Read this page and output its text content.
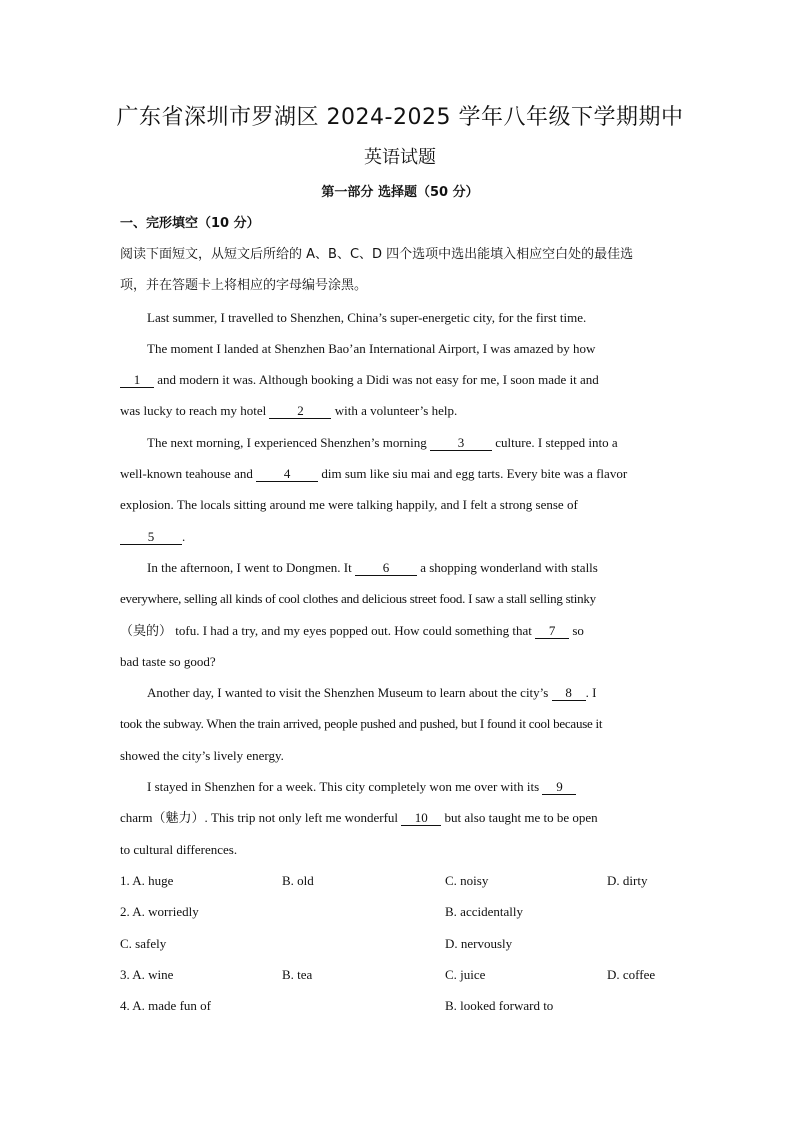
广东省深圳市罗湖区 2024-2025 学年八年级下学期期中
英语试题
第一部分 选择题（50 分）
一、完形填空（10 分）
阅读下面短文，从短文后所给的 A、B、C、D 四个选项中选出能填入相应空白处的最佳选
项，并在答题卡上将相应的字母编号涂黑。
Last summer, I travelled to Shenzhen, China’s super-energetic city, for the first time.
The moment I landed at Shenzhen Bao’an International Airport, I was amazed by how
1 and modern it was. Although booking a Didi was not easy for me, I soon made it and
was lucky to reach my hotel 2 with a volunteer’s help.
The next morning, I experienced Shenzhen’s morning 3 culture. I stepped into a
well-known teahouse and 4 dim sum like siu mai and egg tarts. Every bite was a flavor
explosion. The locals sitting around me were talking happily, and I felt a strong sense of
5 .
In the afternoon, I went to Dongmen. It 6 a shopping wonderland with stalls
everywhere, selling all kinds of cool clothes and delicious street food. I saw a stall selling stinky
（臭的） tofu. I had a try, and my eyes popped out. How could something that 7 so
bad taste so good?
Another day, I wanted to visit the Shenzhen Museum to learn about the city’s 8 . I
took the subway. When the train arrived, people pushed and pushed, but I found it cool because it
showed the city’s lively energy.
I stayed in Shenzhen for a week. This city completely won me over with its 9
charm（魅力）. This trip not only left me wonderful 10 but also taught me to be open
to cultural differences.
1. A. huge	B. old	C. noisy	D. dirty
2. A. worriedly	B. accidentally
C. safely	D. nervously
3. A. wine	B. tea	C. juice	D. coffee
4. A. made fun of	B. looked forward to
